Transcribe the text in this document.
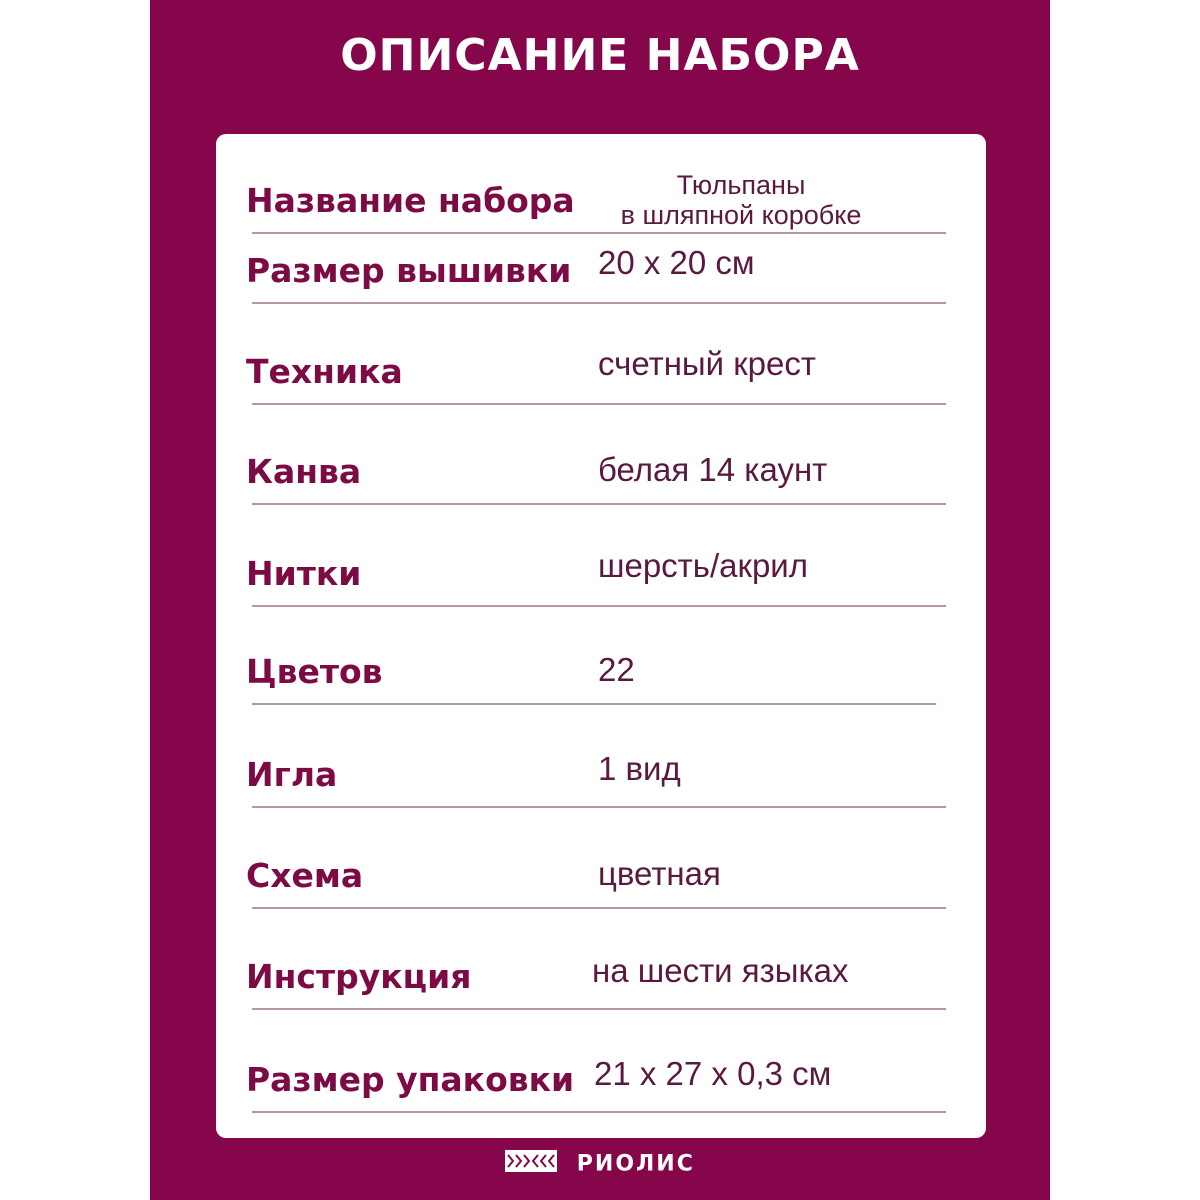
ОПИСАНИЕ НАБОРА
Название набора	Тюльпаны
в шляпной коробке
Размер вышивки 20 х 20 см
Техника	счетный крест
Канва	белая 14 каунт
Нитки	шерсть/акрил
Цветов	22
Игла	1 вид
Схема	цветная
Инструкция	на шести языках
Размер упаковки 21 х 27 х 0,3 см
РИОЛИС
